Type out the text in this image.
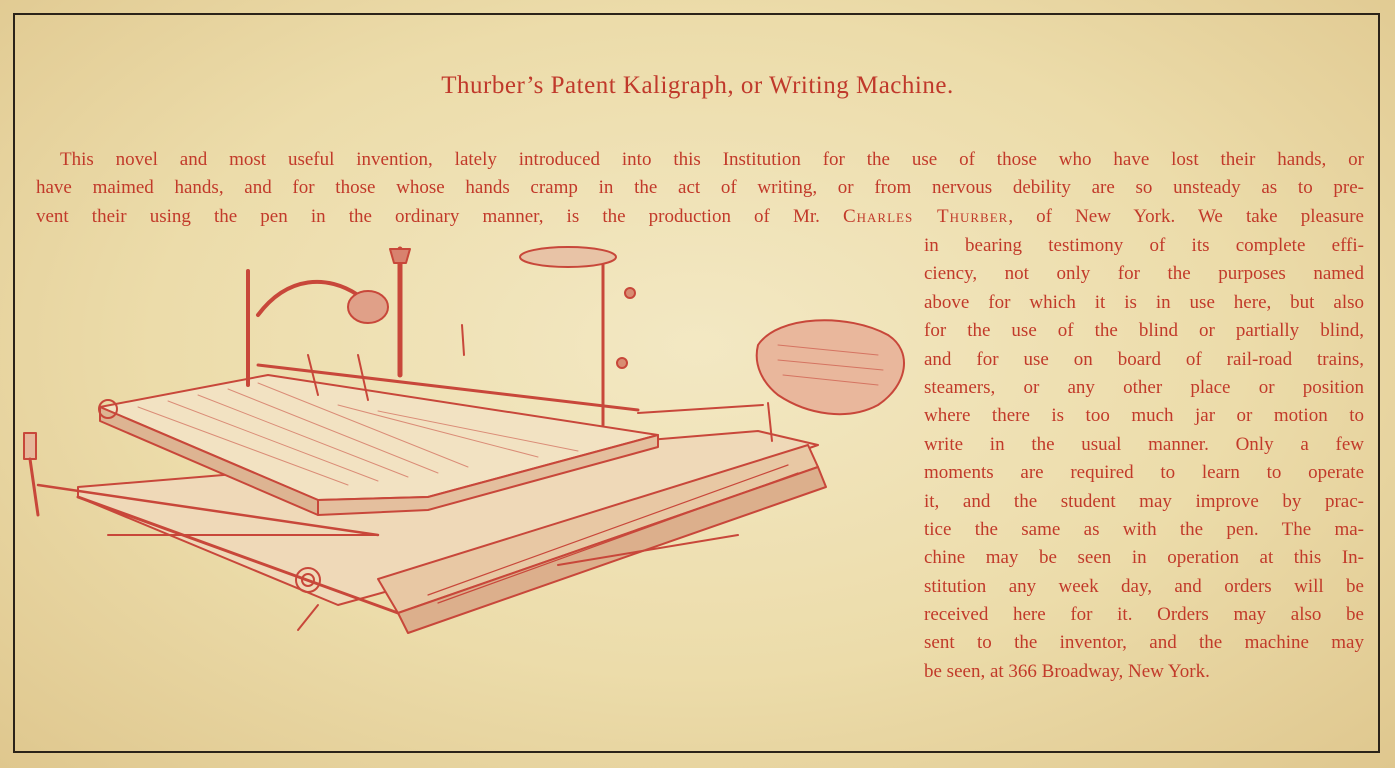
Thurber’s Patent Kaligraph, or Writing Machine.
This novel and most useful invention, lately introduced into this Institution for the use of those who have lost their hands, or
have maimed hands, and for those whose hands cramp in the act of writing, or from nervous debility are so unsteady as to pre-
vent their using the pen in the ordinary manner, is the production of Mr. Charles Thurber, of New York. We take pleasure
in bearing testimony of its complete effi-
ciency, not only for the purposes named
above for which it is in use here, but also
for the use of the blind or partially blind,
and for use on board of rail-road trains,
steamers, or any other place or position
where there is too much jar or motion to
write in the usual manner. Only a few
moments are required to learn to operate
it, and the student may improve by prac-
tice the same as with the pen. The ma-
chine may be seen in operation at this In-
stitution any week day, and orders will be
received here for it. Orders may also be
sent to the inventor, and the machine may
be seen, at 366 Broadway, New York.
